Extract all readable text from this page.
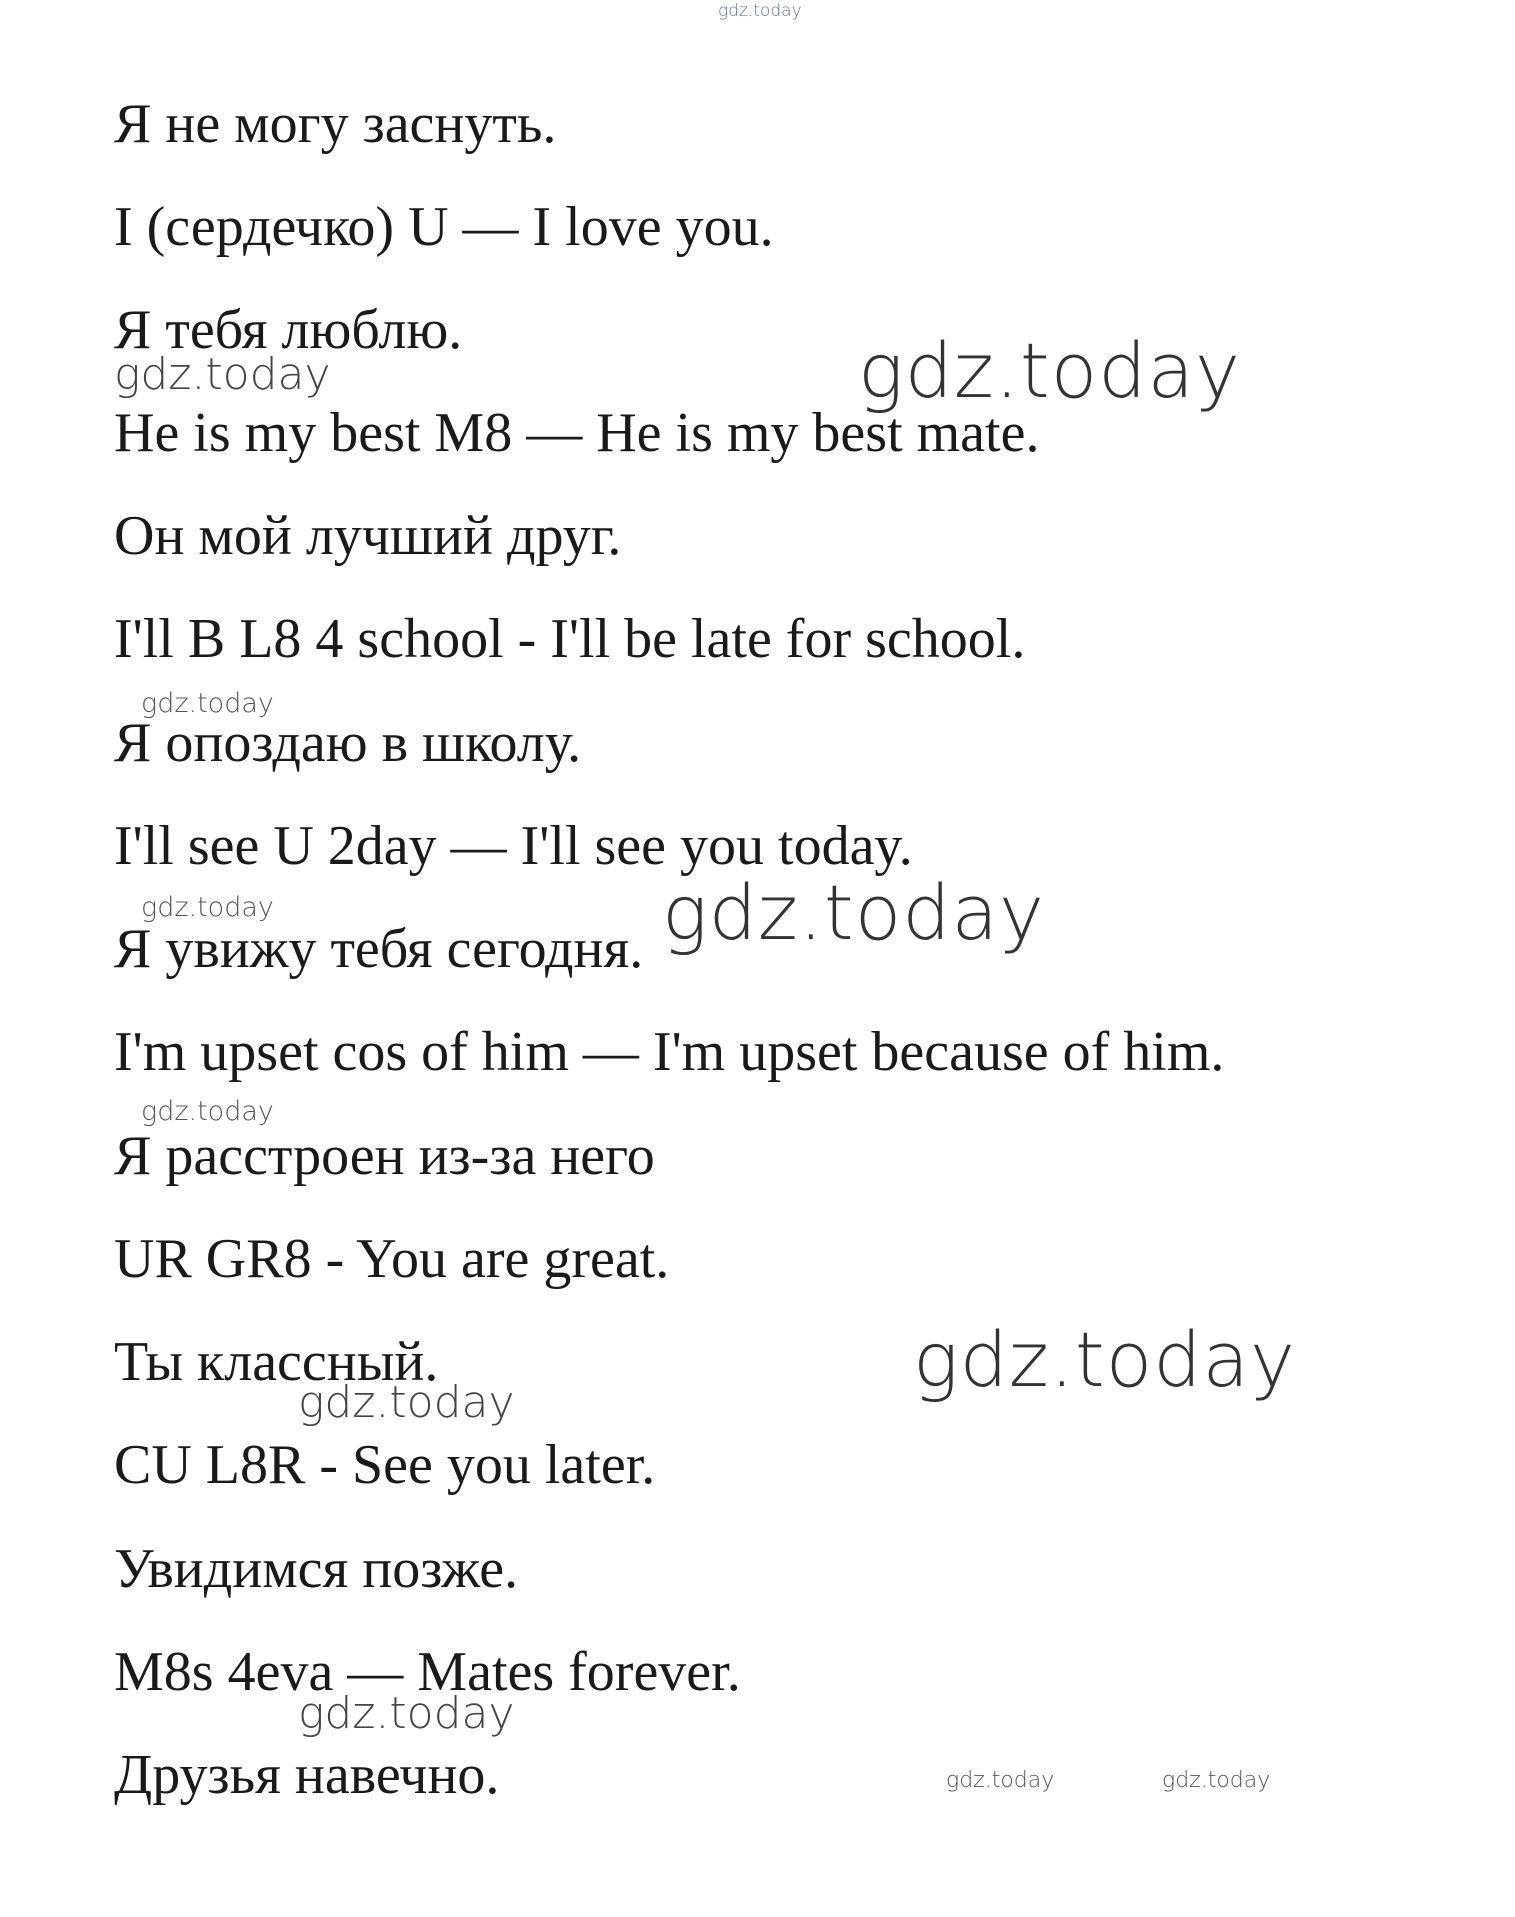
gdz.today
gdz.today	gdz.today
gdz.today
gdz.today	gdz.today
gdz.today
gdz.today
gdz.today
gdz.today
gdz.today	gdz.today
Я не могу заснуть.
I (сердечко) U — I love you.
Я тебя люблю.
He is my best M8 — He is my best mate.
Он мой лучший друг.
I'll B L8 4 school - I'll be late for school.
Я опоздаю в школу.
I'll see U 2day — I'll see you today.
Я увижу тебя сегодня.
I'm upset cos of him — I'm upset because of him.
Я расстроен из-за него
UR GR8 - You are great.
Ты классный.
CU L8R - See you later.
Увидимся позже.
M8s 4eva — Mates forever.
Друзья навечно.
